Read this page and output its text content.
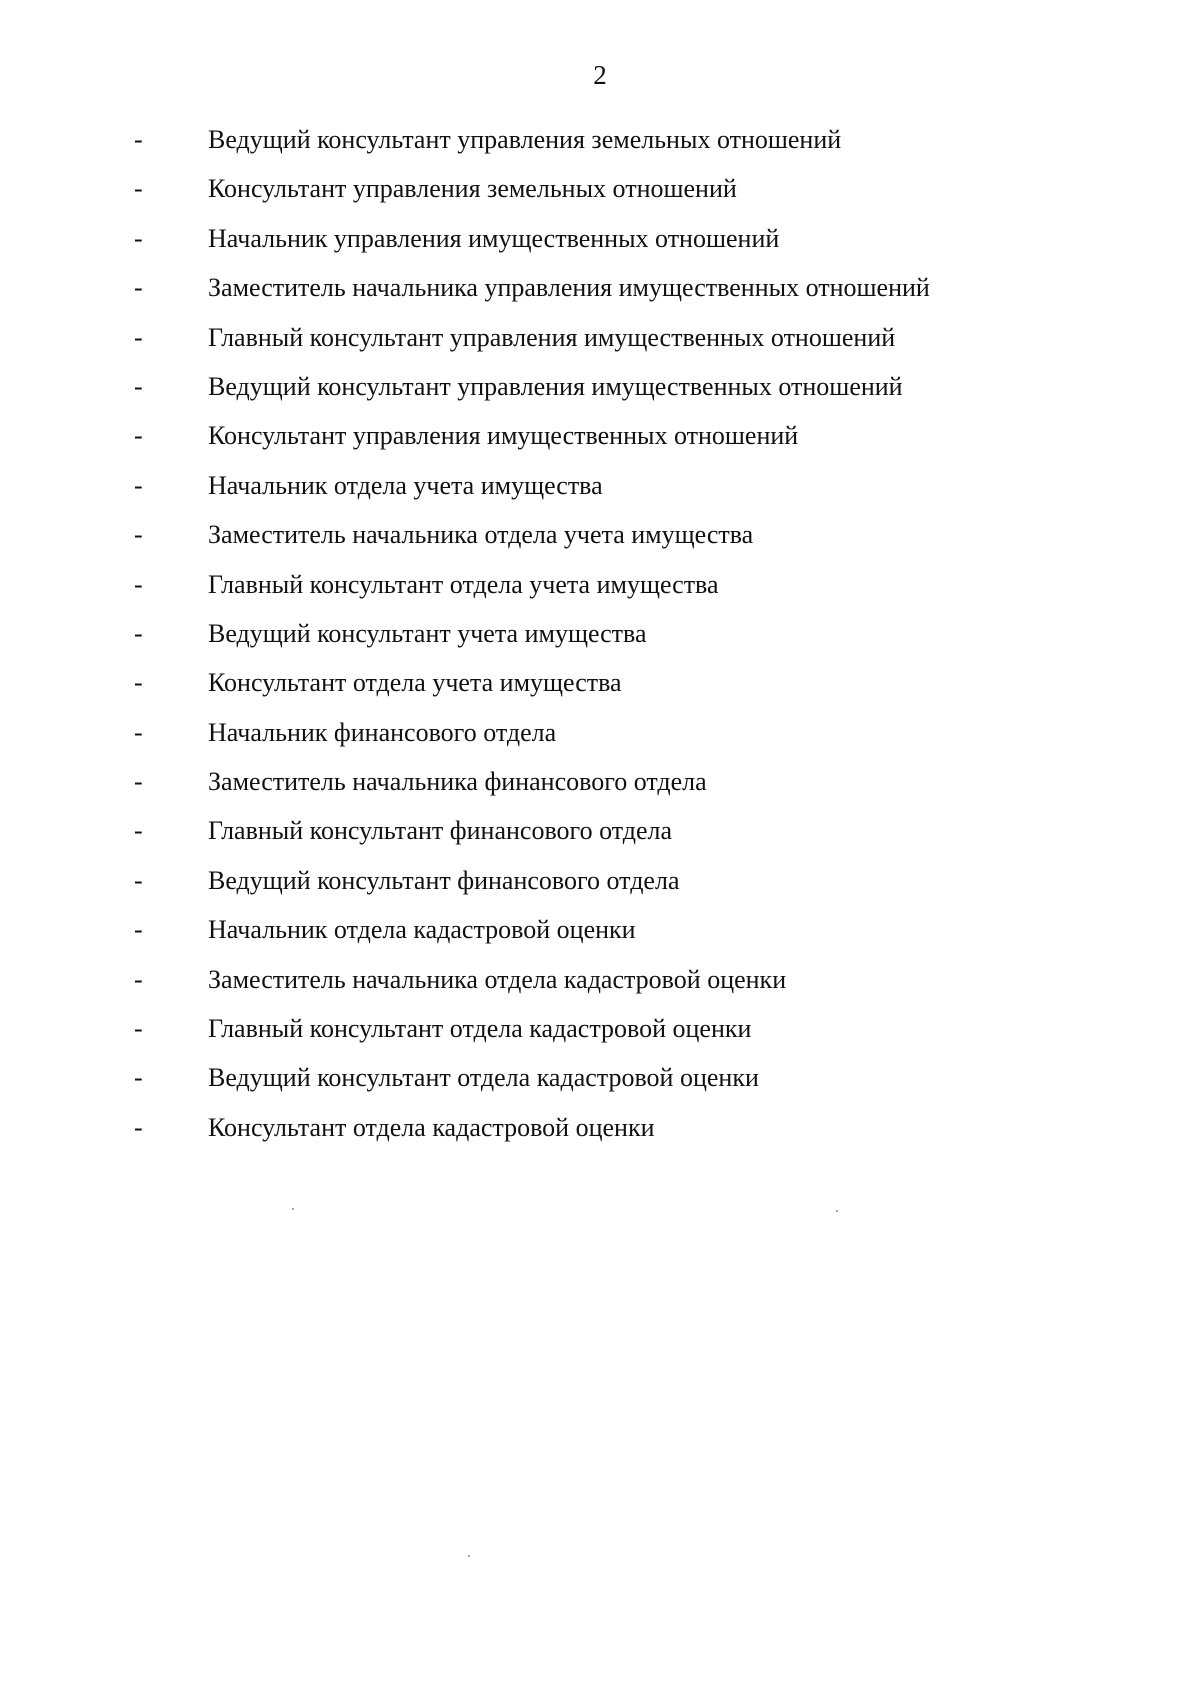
2
-	Ведущий консультант управления земельных отношений
-	Консультант управления земельных отношений
-	Начальник управления имущественных отношений
-	Заместитель начальника управления имущественных отношений
-	Главный консультант управления имущественных отношений
-	Ведущий консультант управления имущественных отношений
-	Консультант управления имущественных отношений
-	Начальник отдела учета имущества
-	Заместитель начальника отдела учета имущества
-	Главный консультант отдела учета имущества
-	Ведущий консультант учета имущества
-	Консультант отдела учета имущества
-	Начальник финансового отдела
-	Заместитель начальника финансового отдела
-	Главный консультант финансового отдела
-	Ведущий консультант финансового отдела
-	Начальник отдела кадастровой оценки
-	Заместитель начальника отдела кадастровой оценки
-	Главный консультант отдела кадастровой оценки
-	Ведущий консультант отдела кадастровой оценки
-	Консультант отдела кадастровой оценки
